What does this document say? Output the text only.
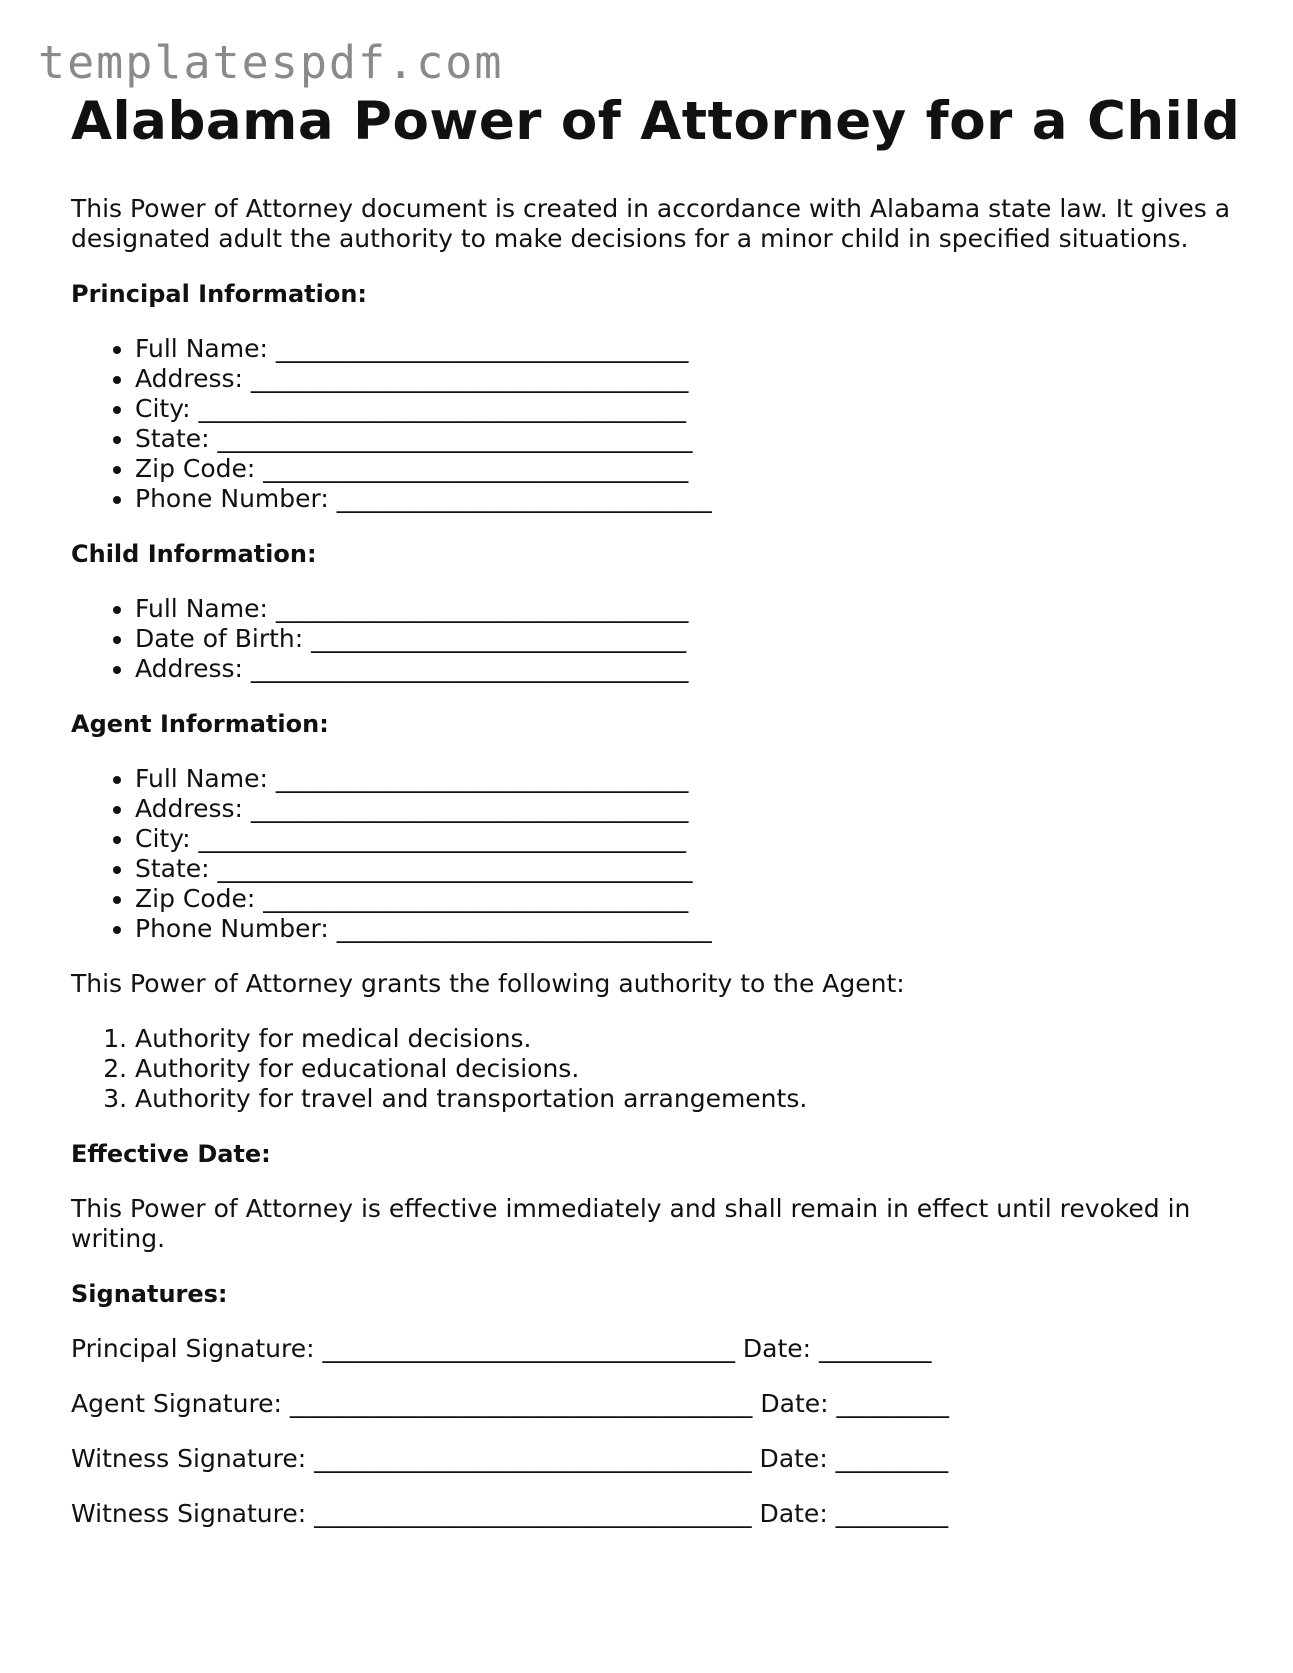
templatespdf.com
Alabama Power of Attorney for a Child

This Power of Attorney document is created in accordance with Alabama state law. It gives a designated adult the authority to make decisions for a minor child in specified situations.

Principal Information:
• Full Name: _________________________________
• Address: ___________________________________
• City: _______________________________________
• State: ______________________________________
• Zip Code: __________________________________
• Phone Number: ______________________________
Child Information:
• Full Name: _________________________________
• Date of Birth: ______________________________
• Address: ___________________________________
Agent Information:
• Full Name: _________________________________
• Address: ___________________________________
• City: _______________________________________
• State: ______________________________________
• Zip Code: __________________________________
• Phone Number: ______________________________

This Power of Attorney grants the following authority to the Agent:

1. Authority for medical decisions.
2. Authority for educational decisions.
3. Authority for travel and transportation arrangements.
Effective Date:

This Power of Attorney is effective immediately and shall remain in effect until revoked in writing.

Signatures:
Principal Signature: _________________________________ Date: _________
Agent Signature: _____________________________________ Date: _________
Witness Signature: ___________________________________ Date: _________
Witness Signature: ___________________________________ Date: _________
